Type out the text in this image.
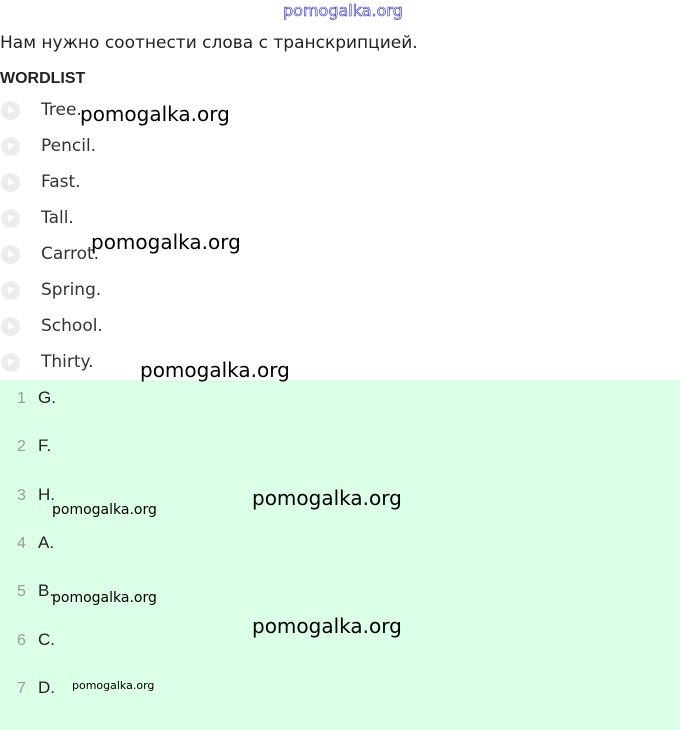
pomogalka.org
Нам нужно соотнести слова с транскрипцией.
WORDLIST
Tree.
Pencil.
Fast.
Tall.
Carrot.
Spring.
School.
Thirty.
1 G.
2 F.
3 H.
4 A.
5 B.
6 C.
7 D.
pomogalka.org
pomogalka.org
pomogalka.org
pomogalka.org
pomogalka.org
pomogalka.org
pomogalka.org
pomogalka.org
